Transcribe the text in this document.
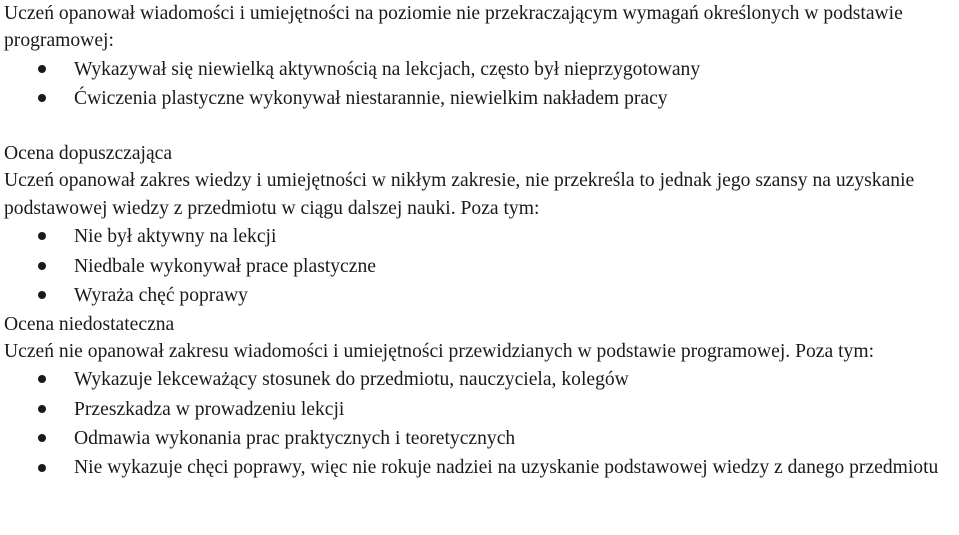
Uczeń opanował wiadomości i umiejętności na poziomie nie przekraczającym wymagań określonych w podstawie programowej:

Wykazywał się niewielką aktywnością na lekcjach, często był nieprzygotowany
Ćwiczenia plastyczne wykonywał niestarannie, niewielkim nakładem pracy

Ocena dopuszczająca

Uczeń opanował zakres wiedzy i umiejętności w nikłym zakresie, nie przekreśla to jednak jego szansy na uzyskanie podstawowej wiedzy z przedmiotu w ciągu dalszej nauki. Poza tym:

Nie był aktywny na lekcji
Niedbale wykonywał prace plastyczne
Wyraża chęć poprawy

Ocena niedostateczna

Uczeń nie opanował zakresu wiadomości i umiejętności przewidzianych w podstawie programowej. Poza tym:

Wykazuje lekceważący stosunek do przedmiotu, nauczyciela, kolegów
Przeszkadza w prowadzeniu lekcji
Odmawia wykonania prac praktycznych i teoretycznych
Nie wykazuje chęci poprawy, więc nie rokuje nadziei na uzyskanie podstawowej wiedzy z danego przedmiotu
